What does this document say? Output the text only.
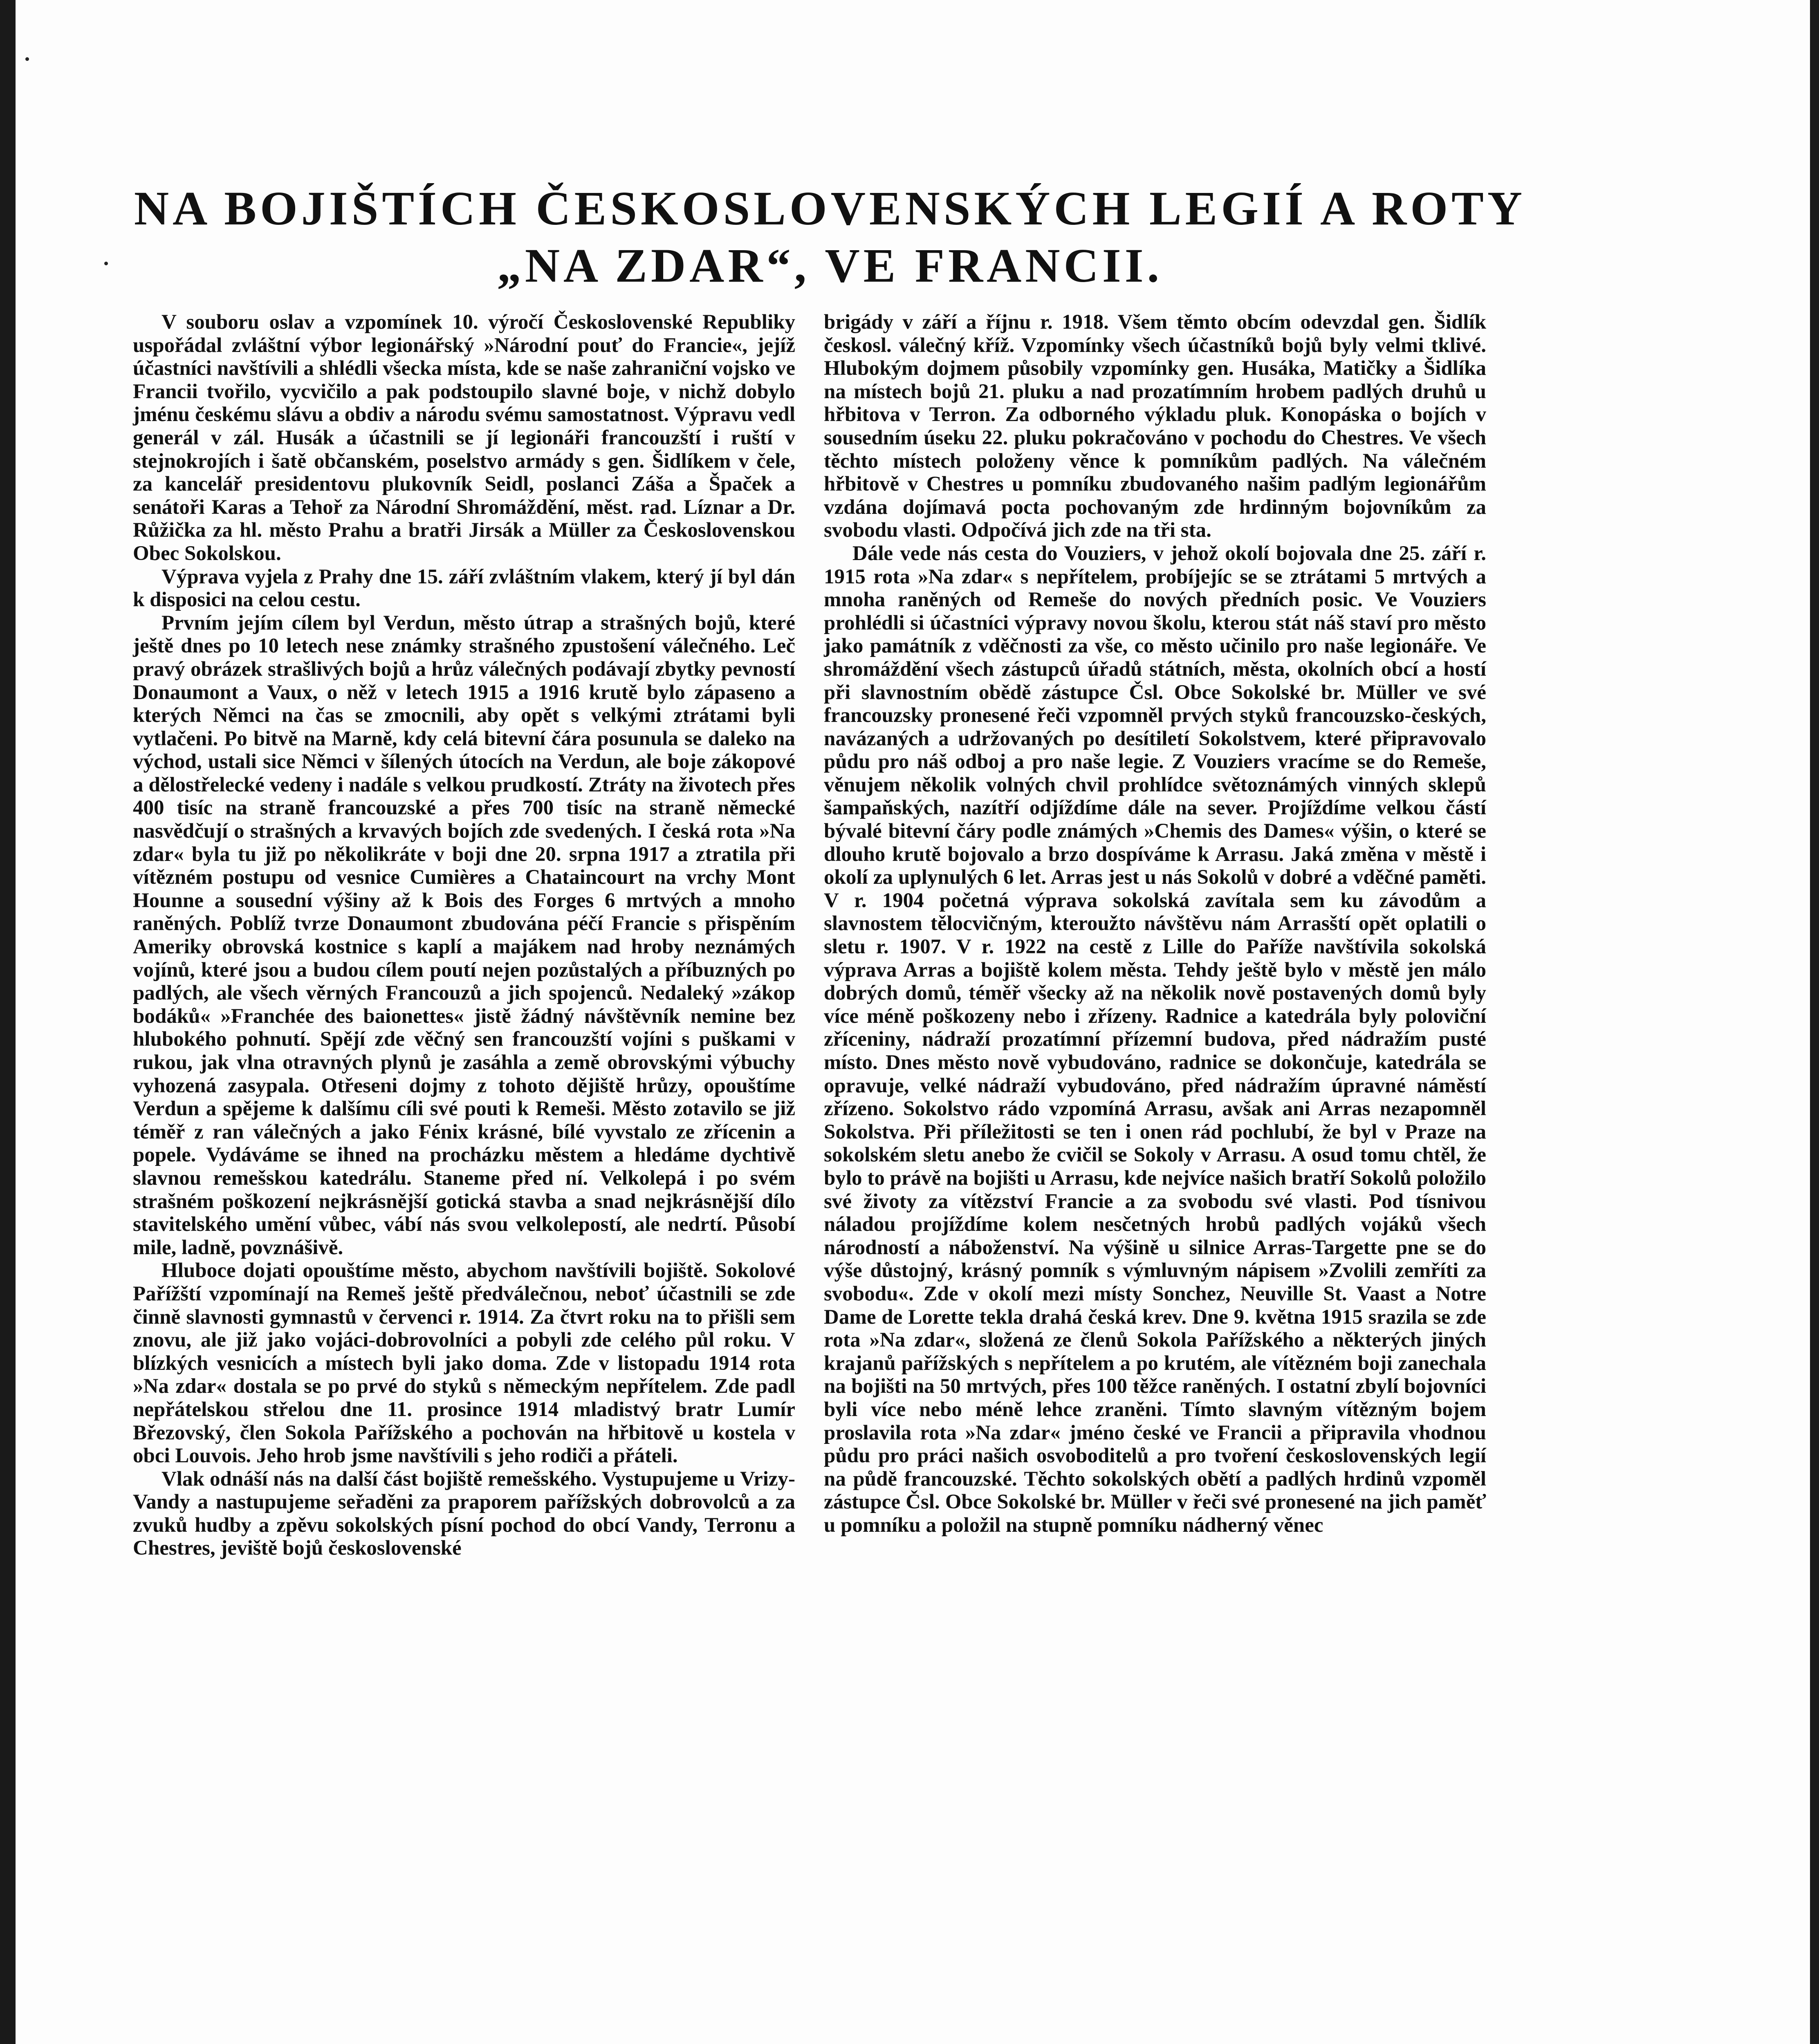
NA BOJIŠTÍCH ČESKOSLOVENSKÝCH LEGIÍ A ROTY
„NA ZDAR“, VE FRANCII.

V souboru oslav a vzpomínek 10. výročí Československé Republiky uspořádal zvláštní výbor legionářský »Národní pouť do Francie«, jejíž účastníci navštívili a shlédli všecka místa, kde se naše zahraniční vojsko ve Francii tvořilo, vycvičilo a pak podstoupilo slavné boje, v nichž dobylo jménu českému slávu a obdiv a národu svému samostatnost. Výpravu vedl generál v zál. Husák a účastnili se jí legionáři francouzští i ruští v stejnokrojích i šatě občanském, poselstvo armády s gen. Šidlíkem v čele, za kancelář presidentovu plukovník Seidl, poslanci Záša a Špaček a senátoři Karas a Tehoř za Národní Shromáždění, měst. rad. Líznar a Dr. Růžička za hl. město Prahu a bratři Jirsák a Müller za Československou Obec Sokolskou.

Výprava vyjela z Prahy dne 15. září zvláštním vlakem, který jí byl dán k disposici na celou cestu.

Prvním jejím cílem byl Verdun, město útrap a strašných bojů, které ještě dnes po 10 letech nese známky strašného zpustošení válečného. Leč pravý obrázek strašlivých bojů a hrůz válečných podávají zbytky pevností Donaumont a Vaux, o něž v letech 1915 a 1916 krutě bylo zápaseno a kterých Němci na čas se zmocnili, aby opět s velkými ztrátami byli vytlačeni. Po bitvě na Marně, kdy celá bitevní čára posunula se daleko na východ, ustali sice Němci v šílených útocích na Verdun, ale boje zákopové a dělostřelecké vedeny i nadále s velkou prudkostí. Ztráty na životech přes 400 tisíc na straně francouzské a přes 700 tisíc na straně německé nasvědčují o strašných a krvavých bojích zde svedených. I česká rota »Na zdar« byla tu již po několikráte v boji dne 20. srpna 1917 a ztratila při vítězném postupu od vesnice Cumières a Chataincourt na vrchy Mont Hounne a sousední výšiny až k Bois des Forges 6 mrtvých a mnoho raněných. Poblíž tvrze Donaumont zbudována péčí Francie s přispěním Ameriky obrovská kostnice s kaplí a majákem nad hroby neznámých vojínů, které jsou a budou cílem poutí nejen pozůstalých a příbuzných po padlých, ale všech věrných Francouzů a jich spojenců. Nedaleký »zákop bodáků« »Franchée des baionettes« jistě žádný návštěvník nemine bez hlubokého pohnutí. Spějí zde věčný sen francouzští vojíni s puškami v rukou, jak vlna otravných plynů je zasáhla a země obrovskými výbuchy vyhozená zasypala. Otřeseni dojmy z tohoto dějiště hrůzy, opouštíme Verdun a spějeme k dalšímu cíli své pouti k Remeši. Město zotavilo se již téměř z ran válečných a jako Fénix krásné, bílé vyvstalo ze zřícenin a popele. Vydáváme se ihned na procházku městem a hledáme dychtivě slavnou remešskou katedrálu. Staneme před ní. Velkolepá i po svém strašném poškození nejkrásnější gotická stavba a snad nejkrásnější dílo stavitelského umění vůbec, vábí nás svou velkolepostí, ale nedrtí. Působí mile, ladně, povznášivě.

Hluboce dojati opouštíme město, abychom navštívili bojiště. Sokolové Pařížští vzpomínají na Remeš ještě předválečnou, neboť účastnili se zde činně slavnosti gymnastů v červenci r. 1914. Za čtvrt roku na to přišli sem znovu, ale již jako vojáci-dobrovolníci a pobyli zde celého půl roku. V blízkých vesnicích a místech byli jako doma. Zde v listopadu 1914 rota »Na zdar« dostala se po prvé do styků s německým nepřítelem. Zde padl nepřátelskou střelou dne 11. prosince 1914 mladistvý bratr Lumír Březovský, člen Sokola Pařížského a pochován na hřbitově u kostela v obci Louvois. Jeho hrob jsme navštívili s jeho rodiči a přáteli.

Vlak odnáší nás na další část bojiště remešského. Vystupujeme u Vrizy-Vandy a nastupujeme seřaděni za praporem pařížských dobrovolců a za zvuků hudby a zpěvu sokolských písní pochod do obcí Vandy, Terronu a Chestres, jeviště bojů československé

brigády v září a říjnu r. 1918. Všem těmto obcím odevzdal gen. Šidlík českosl. válečný kříž. Vzpomínky všech účastníků bojů byly velmi tklivé. Hlubokým dojmem působily vzpomínky gen. Husáka, Matičky a Šidlíka na místech bojů 21. pluku a nad prozatímním hrobem padlých druhů u hřbitova v Terron. Za odborného výkladu pluk. Konopáska o bojích v sousedním úseku 22. pluku pokračováno v pochodu do Chestres. Ve všech těchto místech položeny věnce k pomníkům padlých. Na válečném hřbitově v Chestres u pomníku zbudovaného našim padlým legionářům vzdána dojímavá pocta pochovaným zde hrdinným bojovníkům za svobodu vlasti. Odpočívá jich zde na tři sta.

Dále vede nás cesta do Vouziers, v jehož okolí bojovala dne 25. září r. 1915 rota »Na zdar« s nepřítelem, probíjejíc se se ztrátami 5 mrtvých a mnoha raněných od Remeše do nových předních posic. Ve Vouziers prohlédli si účastníci výpravy novou školu, kterou stát náš staví pro město jako památník z vděčnosti za vše, co město učinilo pro naše legionáře. Ve shromáždění všech zástupců úřadů státních, města, okolních obcí a hostí při slavnostním obědě zástupce Čsl. Obce Sokolské br. Müller ve své francouzsky pronesené řeči vzpomněl prvých styků francouzsko-českých, navázaných a udržovaných po desítiletí Sokolstvem, které připravovalo půdu pro náš odboj a pro naše legie. Z Vouziers vracíme se do Remeše, věnujem několik volných chvil prohlídce světoznámých vinných sklepů šampaňských, nazítří odjíždíme dále na sever. Projíždíme velkou částí bývalé bitevní čáry podle známých »Chemis des Dames« výšin, o které se dlouho krutě bojovalo a brzo dospíváme k Arrasu. Jaká změna v městě i okolí za uplynulých 6 let. Arras jest u nás Sokolů v dobré a vděčné paměti. V r. 1904 početná výprava sokolská zavítala sem ku závodům a slavnostem tělocvičným, kteroužto návštěvu nám Arrasští opět oplatili o sletu r. 1907. V r. 1922 na cestě z Lille do Paříže navštívila sokolská výprava Arras a bojiště kolem města. Tehdy ještě bylo v městě jen málo dobrých domů, téměř všecky až na několik nově postavených domů byly více méně poškozeny nebo i zřízeny. Radnice a katedrála byly poloviční zříceniny, nádraží prozatímní přízemní budova, před nádražím pusté místo. Dnes město nově vybudováno, radnice se dokončuje, katedrála se opravuje, velké nádraží vybudováno, před nádražím úpravné náměstí zřízeno. Sokolstvo rádo vzpomíná Arrasu, avšak ani Arras nezapomněl Sokolstva. Při příležitosti se ten i onen rád pochlubí, že byl v Praze na sokolském sletu anebo že cvičil se Sokoly v Arrasu. A osud tomu chtěl, že bylo to právě na bojišti u Arrasu, kde nejvíce našich bratří Sokolů položilo své životy za vítězství Francie a za svobodu své vlasti. Pod tísnivou náladou projíždíme kolem nesčetných hrobů padlých vojáků všech národností a náboženství. Na výšině u silnice Arras-Targette pne se do výše důstojný, krásný pomník s výmluvným nápisem »Zvolili zemříti za svobodu«. Zde v okolí mezi místy Sonchez, Neuville St. Vaast a Notre Dame de Lorette tekla drahá česká krev. Dne 9. května 1915 srazila se zde rota »Na zdar«, složená ze členů Sokola Pařížského a některých jiných krajanů pařížských s nepřítelem a po krutém, ale vítězném boji zanechala na bojišti na 50 mrtvých, přes 100 těžce raněných. I ostatní zbylí bojovníci byli více nebo méně lehce zraněni. Tímto slavným vítězným bojem proslavila rota »Na zdar« jméno české ve Francii a připravila vhodnou půdu pro práci našich osvoboditelů a pro tvoření československých legií na půdě francouzské. Těchto sokolských obětí a padlých hrdinů vzpoměl zástupce Čsl. Obce Sokolské br. Müller v řeči své pronesené na jich paměť u pomníku a položil na stupně pomníku nádherný věnec
